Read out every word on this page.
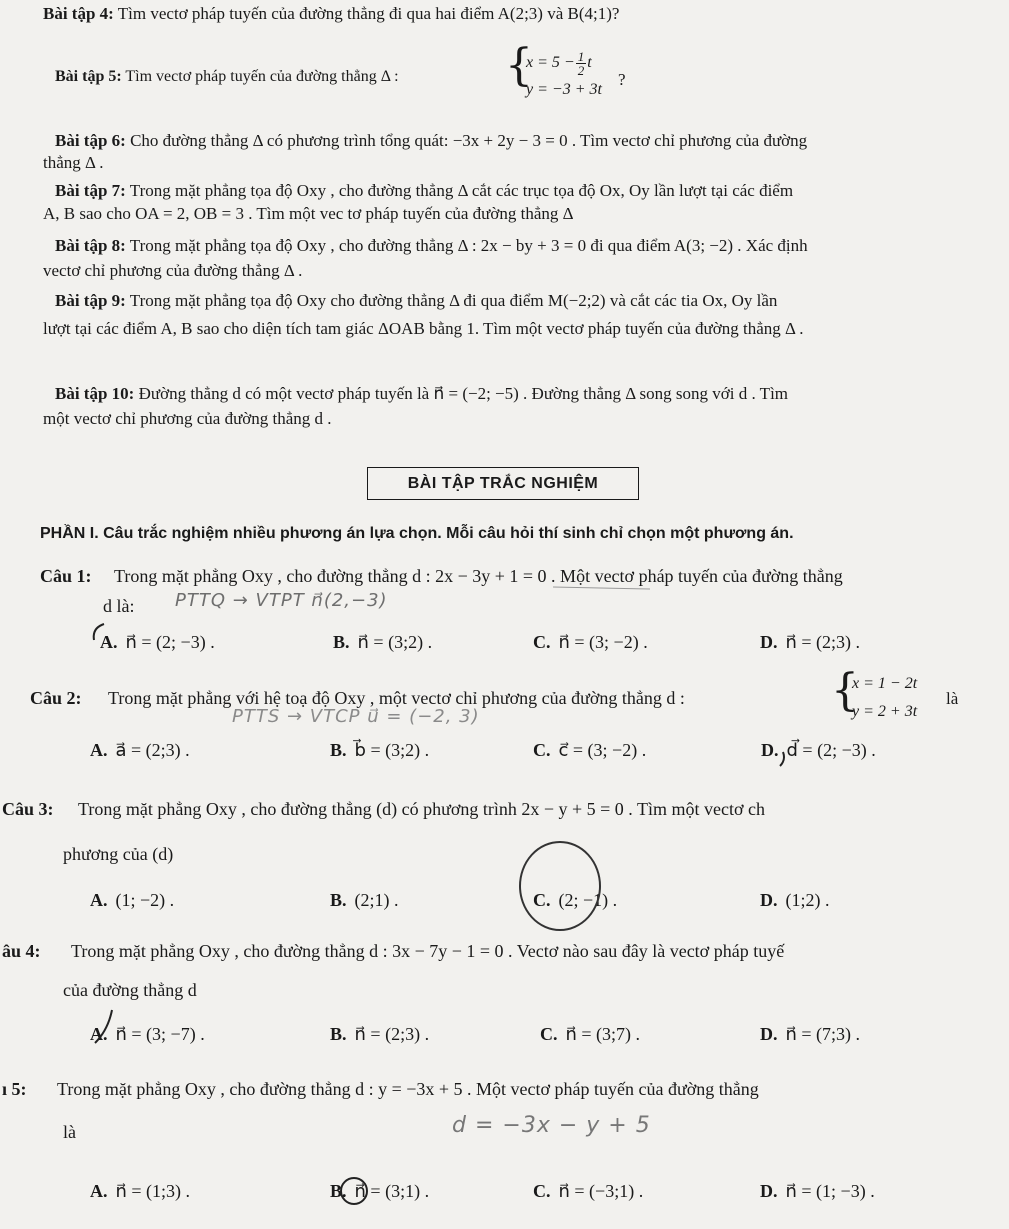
Bài tập 4: Tìm vectơ pháp tuyến của đường thẳng đi qua hai điểm A(2;3) và B(4;1)?
Bài tập 5: Tìm vectơ pháp tuyến của đường thẳng Δ : {
$x = 5 - \frac{1}{2}$ t
y = −3 + 3t
?
Bài tập 6: Cho đường thẳng Δ có phương trình tổng quát: −3x + 2y − 3 = 0 . Tìm vectơ chỉ phương của đường
thẳng Δ .
Bài tập 7: Trong mặt phẳng tọa độ Oxy , cho đường thẳng Δ cắt các trục tọa độ Ox, Oy lần lượt tại các điểm
A, B sao cho OA = 2, OB = 3 . Tìm một vec tơ pháp tuyến của đường thẳng Δ
Bài tập 8: Trong mặt phẳng tọa độ Oxy , cho đường thẳng Δ : 2x − by + 3 = 0 đi qua điểm A(3; −2) . Xác định
vectơ chỉ phương của đường thẳng Δ .
Bài tập 9: Trong mặt phẳng tọa độ Oxy cho đường thẳng Δ đi qua điểm M(−2;2) và cắt các tia Ox, Oy lần
lượt tại các điểm A, B sao cho diện tích tam giác ΔOAB bằng 1. Tìm một vectơ pháp tuyến của đường thẳng Δ .
Bài tập 10: Đường thẳng d có một vectơ pháp tuyến là n⃗ = (−2; −5) . Đường thẳng Δ song song với d . Tìm
một vectơ chỉ phương của đường thẳng d .
BÀI TẬP TRẮC NGHIỆM
PHẦN I. Câu trắc nghiệm nhiều phương án lựa chọn. Mỗi câu hỏi thí sinh chỉ chọn một phương án.
Câu 1: Trong mặt phẳng Oxy , cho đường thẳng d : 2x − 3y + 1 = 0 . Một vectơ pháp tuyến của đường thẳng
d là:
A. n⃗ = (2; −3) .	B. n⃗ = (3;2) .	C. n⃗ = (3; −2) .	D. n⃗ = (2;3) .
Câu 2: Trong mặt phẳng với hệ toạ độ Oxy , một vectơ chỉ phương của đường thẳng d :	{
x = 1 − 2t
y = 2 + 3t
là
A. a⃗ = (2;3) .	B. b⃗ = (3;2) .	C. c⃗ = (3; −2) .	D. d⃗ = (2; −3) .
Câu 3: Trong mặt phẳng Oxy , cho đường thẳng (d) có phương trình 2x − y + 5 = 0 . Tìm một vectơ ch
phương của (d)
A. (1; −2) .	B. (2;1) .	C. (2; −1) .	D. (1;2) .
âu 4: Trong mặt phẳng Oxy , cho đường thẳng d : 3x − 7y − 1 = 0 . Vectơ nào sau đây là vectơ pháp tuyế
của đường thẳng d
A. n⃗ = (3; −7) .	B. n⃗ = (2;3) .	C. n⃗ = (3;7) .	D. n⃗ = (7;3) .
ı 5: Trong mặt phẳng Oxy , cho đường thẳng d : y = −3x + 5 . Một vectơ pháp tuyến của đường thẳng
là
A. n⃗ = (1;3) .	B. n⃗ = (3;1) .	C. n⃗ = (−3;1) .	D. n⃗ = (1; −3) .
PTTQ → VTPT n⃗(2,−3)
PTTS → VTCP u⃗ = (−2, 3)
d = −3x − y + 5
